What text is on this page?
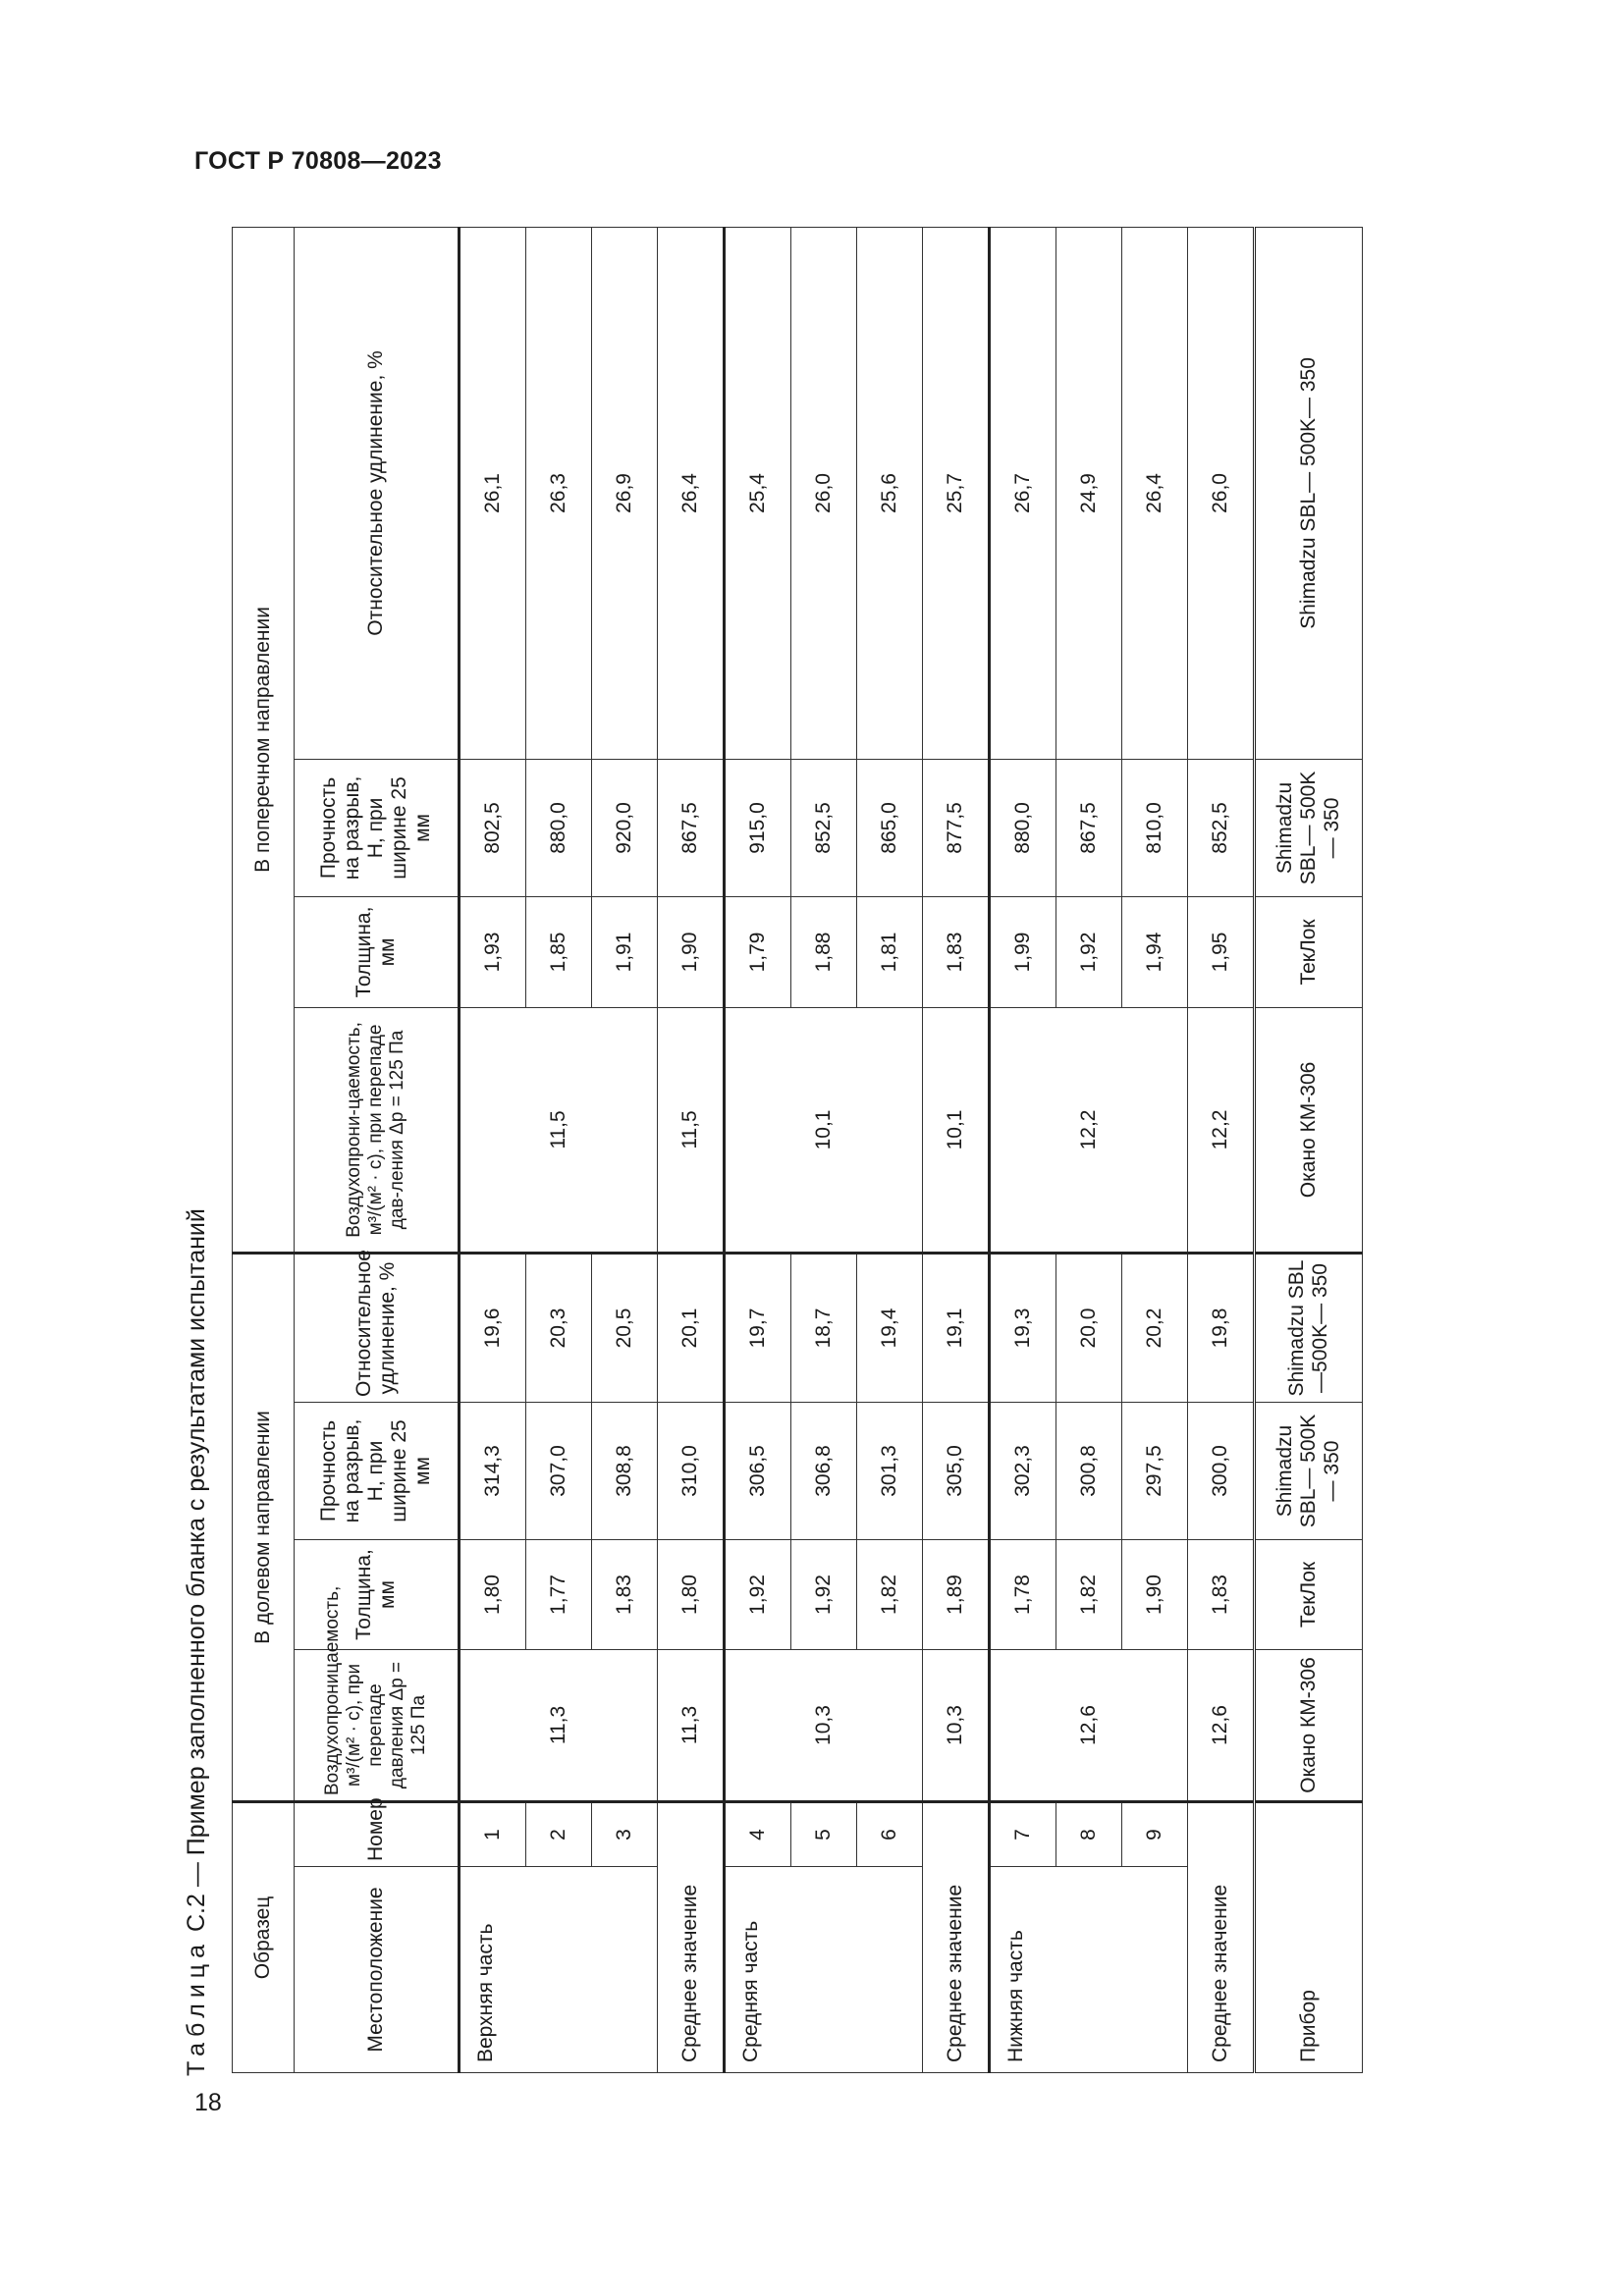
ГОСТ Р 70808—2023
18
Таблица С.2 — Пример заполненного бланка с результатами испытаний Образец		В долевом направлении				В поперечном направлении			
Местоположение	Номер	Воздухопроницаемость, м³/(м² · с), при перепаде давления Δp = 125 Па	Толщина, мм	Прочность на разрыв, Н, при ширине 25 мм	Относительное удлинение, %	Воздухопрони-цаемость, м³/(м² · с), при перепаде дав-ления Δp = 125 Па	Толщина, мм	Прочность на разрыв, Н, при ширине 25 мм	Относительное удлинение, %
Верхняя часть	1	11,3	1,80	314,3	19,6	11,5	1,93	802,5	26,1
	2		1,77	307,0	20,3		1,85	880,0	26,3
	3		1,83	308,8	20,5		1,91	920,0	26,9
Среднее значение		11,3	1,80	310,0	20,1	11,5	1,90	867,5	26,4
Средняя часть	4	10,3	1,92	306,5	19,7	10,1	1,79	915,0	25,4
	5		1,92	306,8	18,7		1,88	852,5	26,0
	6		1,82	301,3	19,4		1,81	865,0	25,6
Среднее значение		10,3	1,89	305,0	19,1	10,1	1,83	877,5	25,7
Нижняя часть	7	12,6	1,78	302,3	19,3	12,2	1,99	880,0	26,7
	8		1,82	300,8	20,0		1,92	867,5	24,9
	9		1,90	297,5	20,2		1,94	810,0	26,4
Среднее значение		12,6	1,83	300,0	19,8	12,2	1,95	852,5	26,0
Прибор		Окано КМ-306	ТекЛок	Shimadzu SBL— 500K— 350	Shimadzu SBL —500K— 350	Окано КМ-306	ТекЛок	Shimadzu SBL— 500K— 350	Shimadzu SBL— 500K— 350
